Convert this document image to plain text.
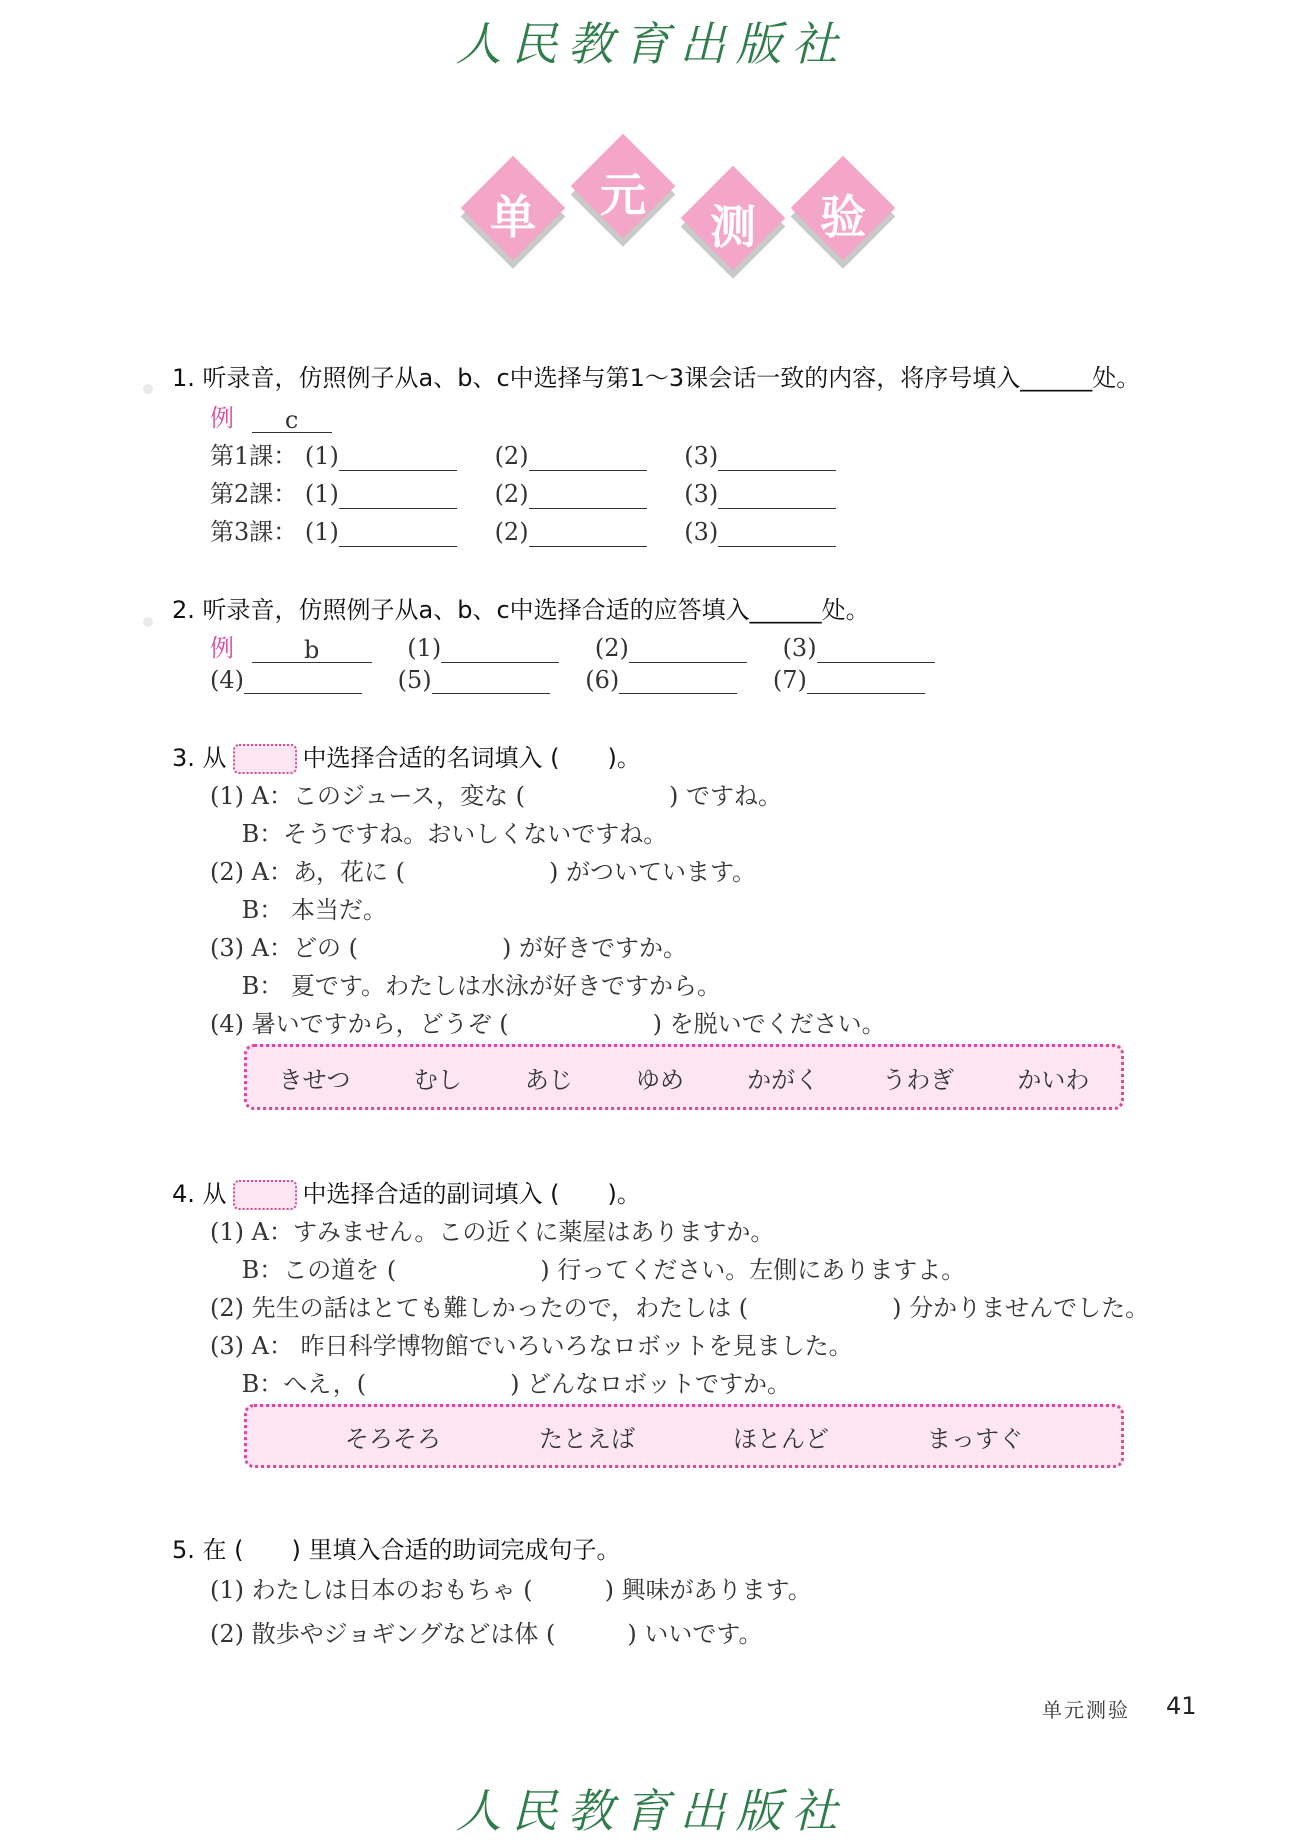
人民教育出版社
单	元
测	验
1. 听录音，仿照例子从a、b、c中选择与第1～3课会话一致的内容，将序号填入______处。
例 c
第1課： (1)	(2)	(3)
第2課： (1)	(2)	(3)
第3課： (1)	(2)	(3)
2. 听录音，仿照例子从a、b、c中选择合适的应答填入______处。
例	b	(1)	(2)	(3)
(4)	(5)	(6)	(7)
3. 从	中选择合适的名词填入 (　　)。
(1) A：このジュース，変な (　　　　　　) ですね。
　 B：そうですね。おいしくないですね。
(2) A：あ，花に (　　　　　　) がついています。
　 B： 本当だ。
(3) A：どの (　　　　　　) が好きですか。
　 B： 夏です。わたしは水泳が好きですから。
(4) 暑いですから，どうぞ (　　　　　　) を脱いでください。
きせつ	むし	あじ	ゆめ	かがく	うわぎ	かいわ
4. 从	中选择合适的副词填入 (　　)。
(1) A：すみません。この近くに薬屋はありますか。
　 B：この道を (　　　　　　) 行ってください。左側にありますよ。
(2) 先生の話はとても難しかったので，わたしは (　　　　　　) 分かりませんでした。
(3) A： 昨日科学博物館でいろいろなロボットを見ました。
　 B：へえ，(　　　　　　) どんなロボットですか。
そろそろ	たとえば	ほとんど	まっすぐ
5. 在 (　　) 里填入合适的助词完成句子。
(1) わたしは日本のおもちゃ (　　　) 興味があります。
(2) 散歩やジョギングなどは体 (　　　) いいです。
单元测验 41
人民教育出版社
